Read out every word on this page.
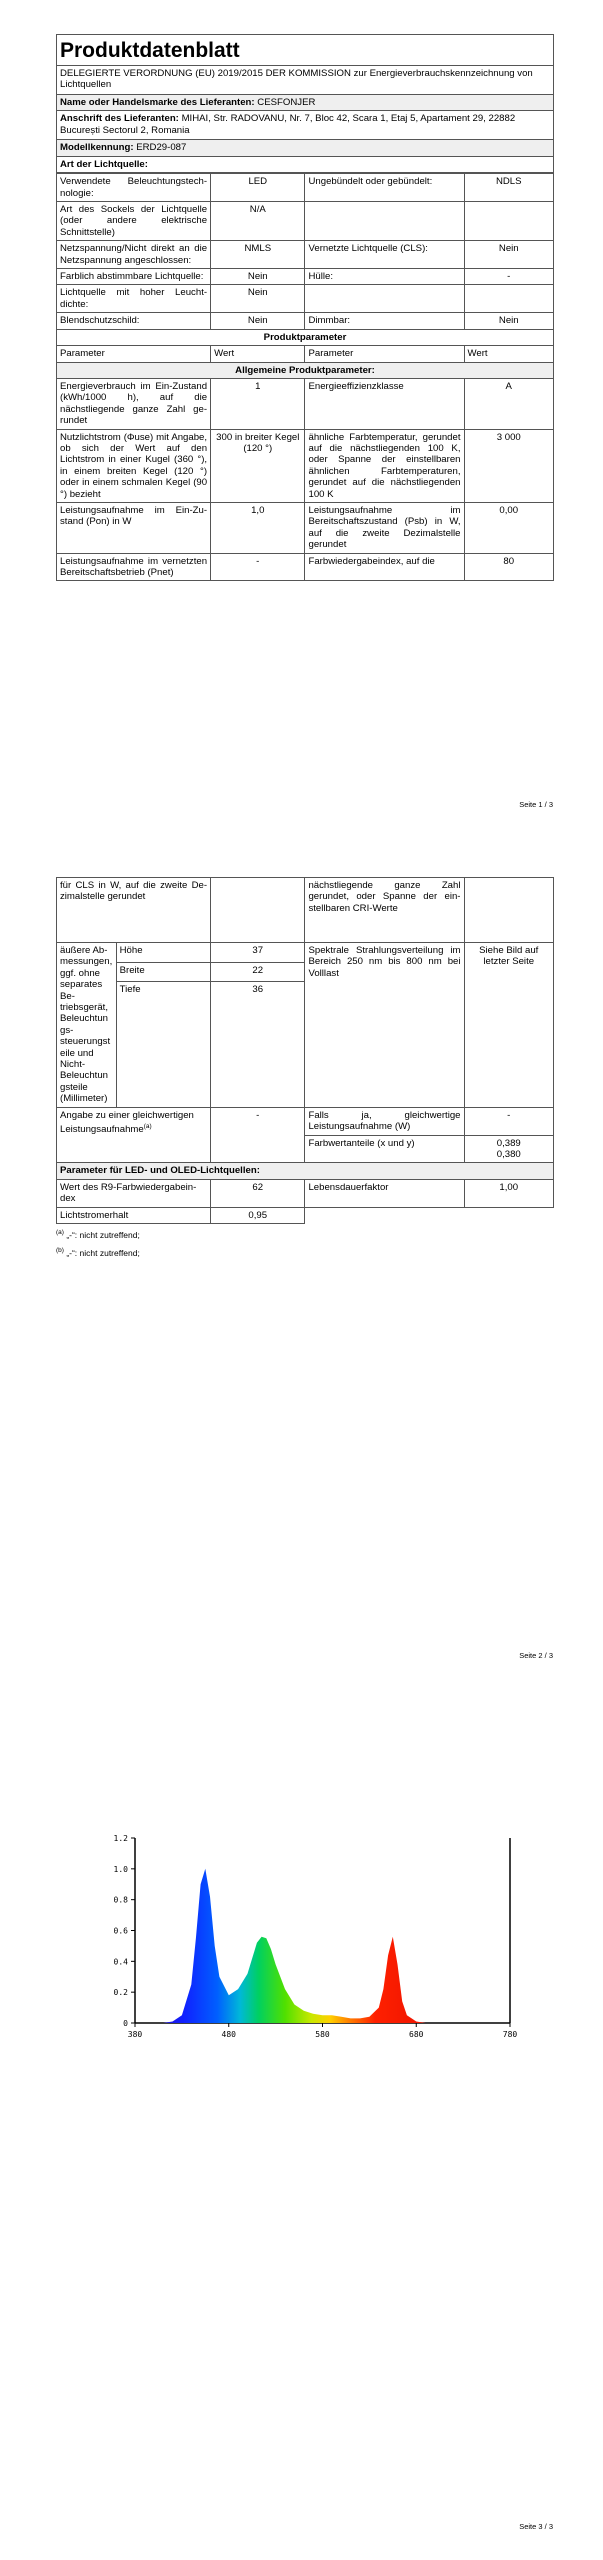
Produktdatenblatt
DELEGIERTE VERORDNUNG (EU) 2019/2015 DER KOMMISSION zur Energieverbrauchskennzeichnung von Lichtquellen
Name oder Handelsmarke des Lieferanten: CESFONJER
Anschrift des Lieferanten: MIHAI, Str. RADOVANU, Nr. 7, Bloc 42, Scara 1, Etaj 5, Apartament 29, 22882 București Sectorul 2, Romania
Modellkennung: ERD29-087
Art der Lichtquelle:
Verwendete Beleuchtungstechnologie:	LED	Ungebündelt oder gebündelt:	NDLS
Art des Sockels der Lichtquelle (oder andere elektrische Schnittstelle)	N/A		
Netzspannung/Nicht direkt an die Netzspannung angeschlossen:	NMLS	Vernetzte Lichtquelle (CLS):	Nein
Farblich abstimmbare Lichtquelle:	Nein	Hülle:	-
Lichtquelle mit hoher Leuchtdichte:	Nein		
Blendschutzschild:	Nein	Dimmbar:	Nein
Produktparameter			
Parameter	Wert	Parameter	Wert
Allgemeine Produktparameter:			
Energieverbrauch im Ein-Zustand (kWh/1000 h), auf die nächstliegende ganze Zahl gerundet	1	Energieeffizienzklasse	A
Nutzlichtstrom (Φuse) mit Angabe, ob sich der Wert auf den Lichtstrom in einer Kugel (360 °), in einem breiten Kegel (120 °) oder in einem schmalen Kegel (90 °) bezieht	300 in breiter Kegel (120 °)	ähnliche Farbtemperatur, gerundet auf die nächstliegenden 100 K, oder Spanne der einstellbaren ähnlichen Farbtemperaturen, gerundet auf die nächstliegenden 100 K	3 000
Leistungsaufnahme im Ein-Zustand (Pon) in W	1,0	Leistungsaufnahme im Bereitschaftszustand (Psb) in W, auf die zweite Dezimalstelle gerundet	0,00
Leistungsaufnahme im vernetzten Bereitschaftsbetrieb (Pnet)	-	Farbwiedergabeindex, auf die	80
Seite 1 / 3
für CLS in W, auf die zweite Dezimalstelle gerundet			nächstliegende ganze Zahl gerundet, oder Spanne der einstellbaren CRI-Werte	
äußere Abmessungen, ggf. ohne separates Betriebsgerät, Beleuchtungssteuerungsteile und Nicht-Beleuchtungsteile (Millimeter)	Höhe	37	Spektrale Strahlungsverteilung im Bereich 250 nm bis 800 nm bei Volllast	Siehe Bild auf letzter Seite
	Breite	22		
	Tiefe	36		
Angabe zu einer gleichwertigen Leistungsaufnahme$^{(a)}$		-	Falls ja, gleichwertige Leistungsaufnahme (W)	-
			Farbwertanteile (x und y)	0,389
0,380

Parameter für LED- und OLED-Lichtquellen:				
Wert des R9-Farbwiedergabeindex		62	Lebensdauerfaktor	1,00
Lichtstromerhalt		0,95		
$^{(a)}$ „-“: nicht zutreffend;
$^{(b)}$ „-“: nicht zutreffend;
Seite 2 / 3
0
0.2
0.4
0.6
0.8
1.0
1.2
380	480	580	680	780
Seite 3 / 3
